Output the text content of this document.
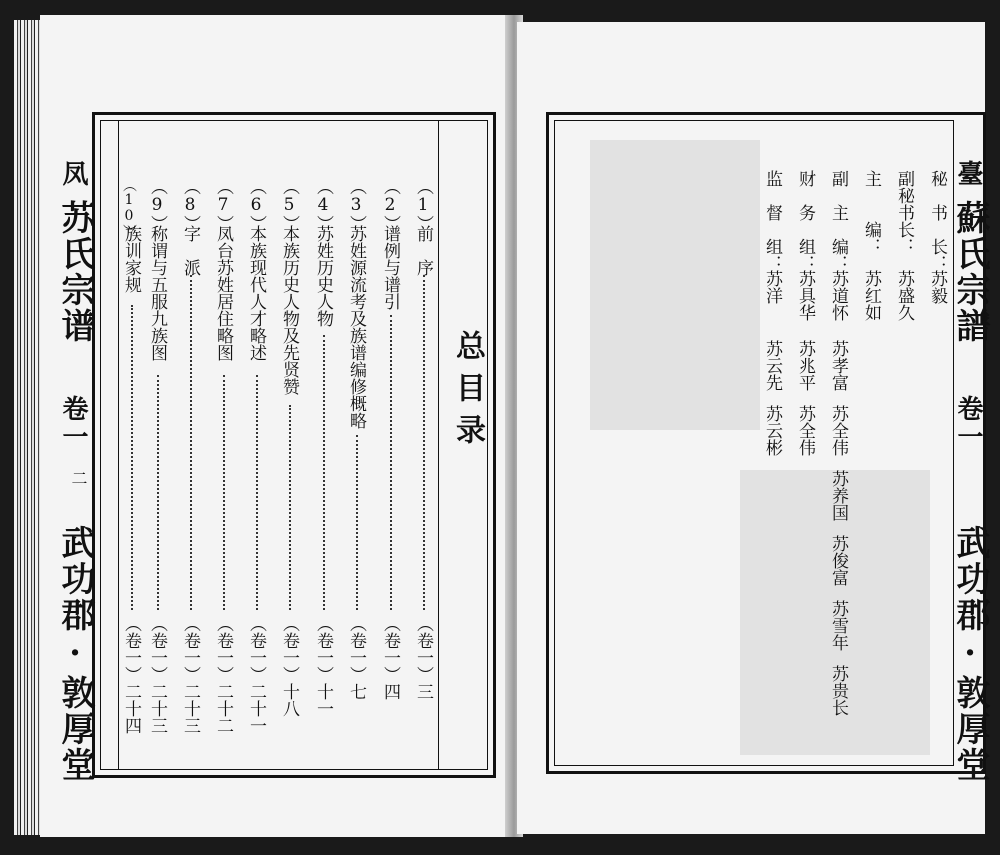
凤
苏氏宗谱
卷一
二
武功郡·敦厚堂
总目录
（1）
前　序
（卷一）三
（2）
谱例与谱引
（卷一）四
（3）
苏姓源流考及族谱编修概略
（卷一）七
（4）
苏姓历史人物
（卷一）十一
（5）
本族历史人物及先贤赞
（卷一）十八
（6）
本族现代人才略述
（卷一）二十一
（7）
凤台苏姓居住略图
（卷一）二十二
（8）
字　派
（卷一）二十三
（9）
称谓与五服九族图
（卷一）二十三
（10）
族训家规
（卷一）二十四
臺
蘇氏宗譜
卷一
武功郡·敦厚堂
秘　书　长：
苏毅
副秘书长：
苏盛久
主　　编：
苏红如
副　主　编：
苏道怀
苏孝富
苏全伟
苏养国
苏俊富
苏雪年
苏贵长
财　务　组：
苏具华
苏兆平
苏全伟
监　督　组：
苏洋
苏云先
苏云彬
